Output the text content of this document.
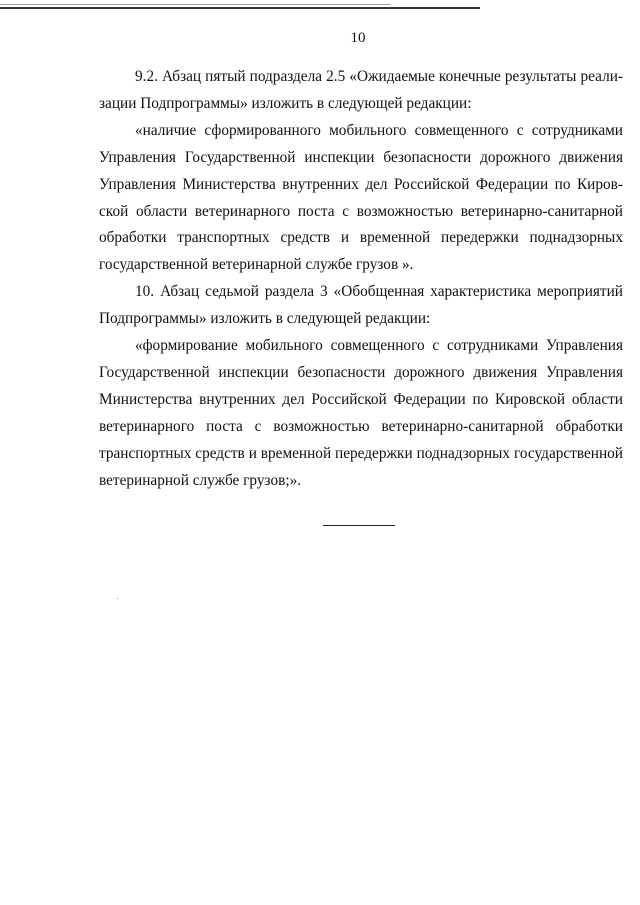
10

9.2. Абзац пятый подраздела 2.5 «Ожидаемые конечные результаты реализации Подпрограммы» изложить в следующей редакции:

«наличие сформированного мобильного совмещенного с сотрудниками Управления Государственной инспекции безопасности дорожного движения Управления Министерства внутренних дел Российской Федерации по Кировской области ветеринарного поста с возможностью ветеринарно-санитарной обработки транспортных средств и временной передержки поднадзорных государственной ветеринарной службе грузов ».

10. Абзац седьмой раздела 3 «Обобщенная характеристика мероприятий Подпрограммы» изложить в следующей редакции:

«формирование мобильного совмещенного с сотрудниками Управления Государственной инспекции безопасности дорожного движения Управления Министерства внутренних дел Российской Федерации по Кировской области ветеринарного поста с возможностью ветеринарно-санитарной обработки транспортных средств и временной передержки поднадзорных государственной ветеринарной службе грузов;».
